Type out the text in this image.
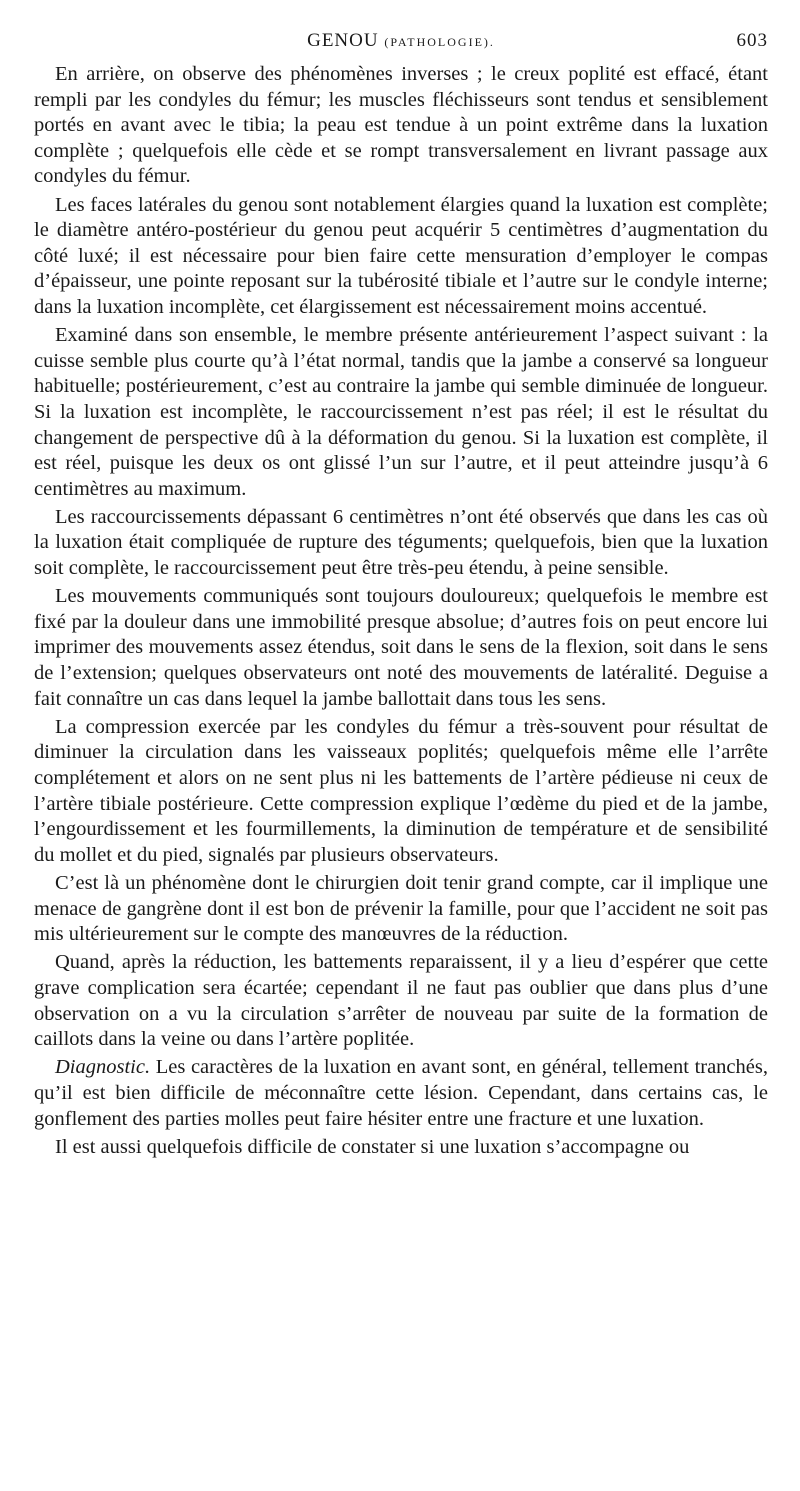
GENOU (PATHOLOGIE).	603

En arrière, on observe des phénomènes inverses ; le creux poplité est effacé, étant rempli par les condyles du fémur; les muscles fléchisseurs sont tendus et sensiblement portés en avant avec le tibia; la peau est tendue à un point extrême dans la luxation complète ; quelquefois elle cède et se rompt transversalement en livrant passage aux condyles du fémur.

Les faces latérales du genou sont notablement élargies quand la luxation est complète; le diamètre antéro-postérieur du genou peut acquérir 5 centimètres d’augmentation du côté luxé; il est nécessaire pour bien faire cette mensuration d’employer le compas d’épaisseur, une pointe reposant sur la tubérosité tibiale et l’autre sur le condyle interne; dans la luxation incomplète, cet élargissement est nécessairement moins accentué.

Examiné dans son ensemble, le membre présente antérieurement l’aspect suivant : la cuisse semble plus courte qu’à l’état normal, tandis que la jambe a conservé sa longueur habituelle; postérieurement, c’est au contraire la jambe qui semble diminuée de longueur. Si la luxation est incomplète, le raccourcissement n’est pas réel; il est le résultat du changement de perspective dû à la déformation du genou. Si la luxation est complète, il est réel, puisque les deux os ont glissé l’un sur l’autre, et il peut atteindre jusqu’à 6 centimètres au maximum.

Les raccourcissements dépassant 6 centimètres n’ont été observés que dans les cas où la luxation était compliquée de rupture des téguments; quelquefois, bien que la luxation soit complète, le raccourcissement peut être très-peu étendu, à peine sensible.

Les mouvements communiqués sont toujours douloureux; quelquefois le membre est fixé par la douleur dans une immobilité presque absolue; d’autres fois on peut encore lui imprimer des mouvements assez étendus, soit dans le sens de la flexion, soit dans le sens de l’extension; quelques observateurs ont noté des mouvements de latéralité. Deguise a fait connaître un cas dans lequel la jambe ballottait dans tous les sens.

La compression exercée par les condyles du fémur a très-souvent pour résultat de diminuer la circulation dans les vaisseaux poplités; quelquefois même elle l’arrête complétement et alors on ne sent plus ni les battements de l’artère pédieuse ni ceux de l’artère tibiale postérieure. Cette compression explique l’œdème du pied et de la jambe, l’engourdissement et les fourmillements, la diminution de température et de sensibilité du mollet et du pied, signalés par plusieurs observateurs.

C’est là un phénomène dont le chirurgien doit tenir grand compte, car il implique une menace de gangrène dont il est bon de prévenir la famille, pour que l’accident ne soit pas mis ultérieurement sur le compte des manœuvres de la réduction.

Quand, après la réduction, les battements reparaissent, il y a lieu d’espérer que cette grave complication sera écartée; cependant il ne faut pas oublier que dans plus d’une observation on a vu la circulation s’arrêter de nouveau par suite de la formation de caillots dans la veine ou dans l’artère poplitée.

Diagnostic. Les caractères de la luxation en avant sont, en général, tellement tranchés, qu’il est bien difficile de méconnaître cette lésion. Cependant, dans certains cas, le gonflement des parties molles peut faire hésiter entre une fracture et une luxation.

Il est aussi quelquefois difficile de constater si une luxation s’accompagne ou
